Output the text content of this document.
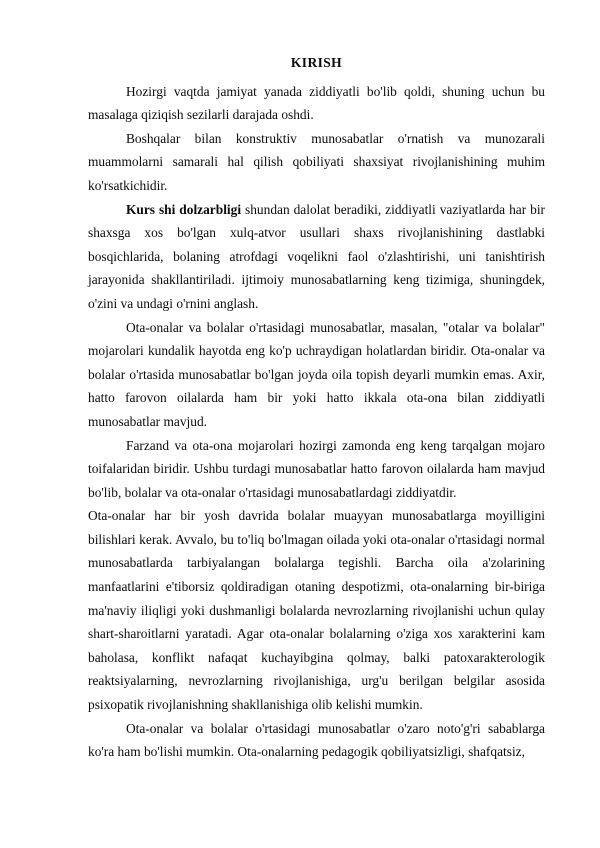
KIRISH

Hozirgi vaqtda jamiyat yanada ziddiyatli bo'lib qoldi, shuning uchun bu masalaga qiziqish sezilarli darajada oshdi.

Boshqalar bilan konstruktiv munosabatlar o'rnatish va munozarali muammolarni samarali hal qilish qobiliyati shaxsiyat rivojlanishining muhim ko'rsatkichidir.

Kurs shi dolzarbligi shundan dalolat beradiki, ziddiyatli vaziyatlarda har bir shaxsga xos bo'lgan xulq-atvor usullari shaxs rivojlanishining dastlabki bosqichlarida, bolaning atrofdagi voqelikni faol o'zlashtirishi, uni tanishtirish jarayonida shakllantiriladi. ijtimoiy munosabatlarning keng tizimiga, shuningdek, o'zini va undagi o'rnini anglash.

Ota-onalar va bolalar o'rtasidagi munosabatlar, masalan, "otalar va bolalar" mojarolari kundalik hayotda eng ko'p uchraydigan holatlardan biridir. Ota-onalar va bolalar o'rtasida munosabatlar bo'lgan joyda oila topish deyarli mumkin emas. Axir, hatto farovon oilalarda ham bir yoki hatto ikkala ota-ona bilan ziddiyatli munosabatlar mavjud.

Farzand va ota-ona mojarolari hozirgi zamonda eng keng tarqalgan mojaro toifalaridan biridir. Ushbu turdagi munosabatlar hatto farovon oilalarda ham mavjud bo'lib, bolalar va ota-onalar o'rtasidagi munosabatlardagi ziddiyatdir.

Ota-onalar har bir yosh davrida bolalar muayyan munosabatlarga moyilligini bilishlari kerak. Avvalo, bu to'liq bo'lmagan oilada yoki ota-onalar o'rtasidagi normal munosabatlarda tarbiyalangan bolalarga tegishli. Barcha oila a'zolarining manfaatlarini e'tiborsiz qoldiradigan otaning despotizmi, ota-onalarning bir-biriga ma'naviy iliqligi yoki dushmanligi bolalarda nevrozlarning rivojlanishi uchun qulay shart-sharoitlarni yaratadi. Agar ota-onalar bolalarning o'ziga xos xarakterini kam baholasa, konflikt nafaqat kuchayibgina qolmay, balki patoxarakterologik reaktsiyalarning, nevrozlarning rivojlanishiga, urg'u berilgan belgilar asosida psixopatik rivojlanishning shakllanishiga olib kelishi mumkin.

Ota-onalar va bolalar o'rtasidagi munosabatlar o'zaro noto'g'ri sabablarga ko'ra ham bo'lishi mumkin. Ota-onalarning pedagogik qobiliyatsizligi, shafqatsiz,
